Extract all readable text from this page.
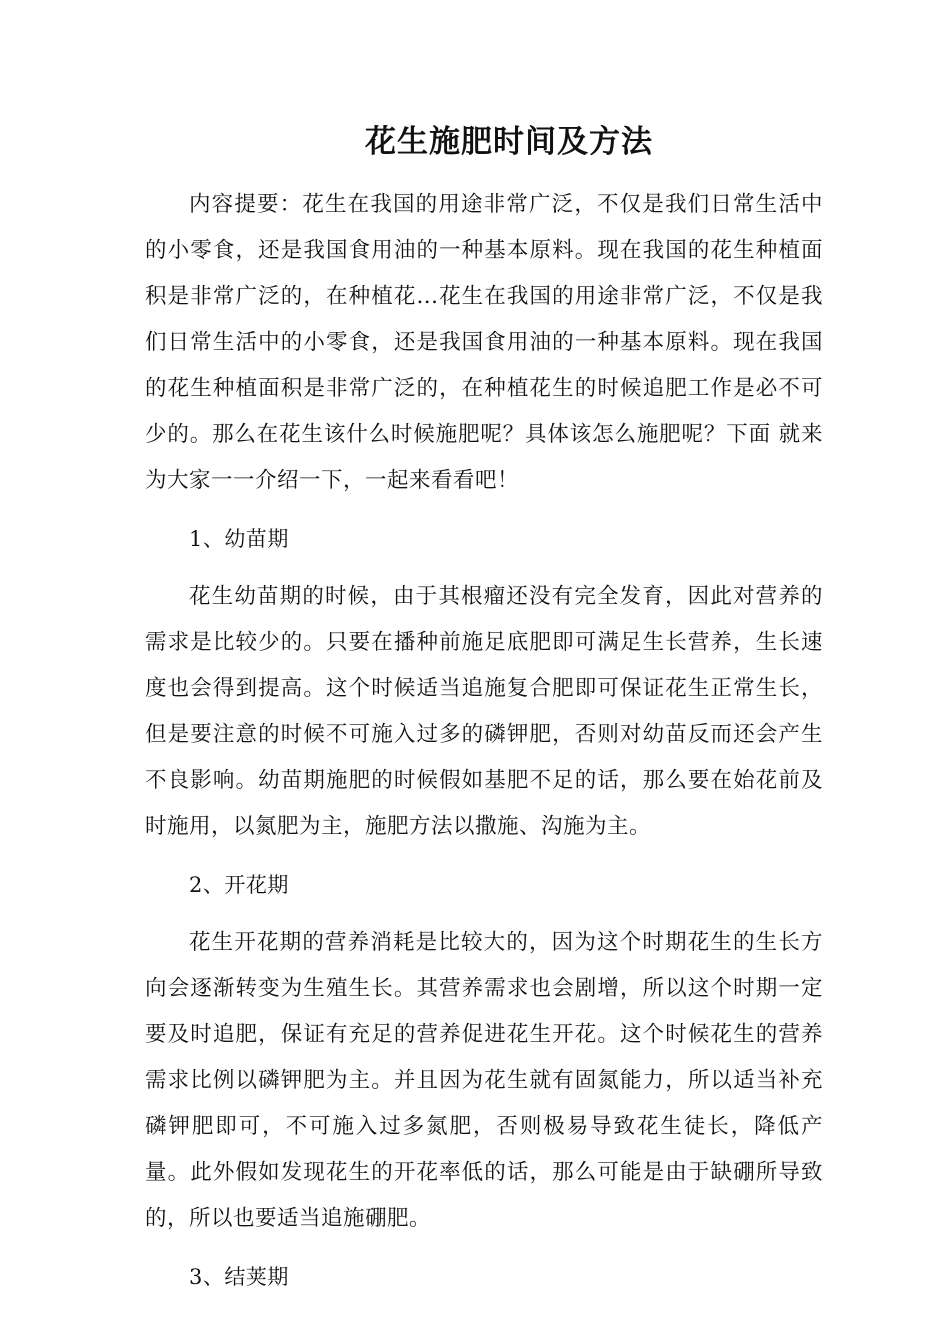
花生施肥时间及方法

内容提要：花生在我国的用途非常广泛，不仅是我们日常生活中的小零食，还是我国食用油的一种基本原料。现在我国的花生种植面积是非常广泛的，在种植花...花生在我国的用途非常广泛，不仅是我们日常生活中的小零食，还是我国食用油的一种基本原料。现在我国的花生种植面积是非常广泛的，在种植花生的时候追肥工作是必不可少的。那么在花生该什么时候施肥呢？具体该怎么施肥呢？下面 就来为大家一一介绍一下，一起来看看吧！

1、幼苗期

花生幼苗期的时候，由于其根瘤还没有完全发育，因此对营养的需求是比较少的。只要在播种前施足底肥即可满足生长营养，生长速度也会得到提高。这个时候适当追施复合肥即可保证花生正常生长，但是要注意的时候不可施入过多的磷钾肥，否则对幼苗反而还会产生不良影响。幼苗期施肥的时候假如基肥不足的话，那么要在始花前及时施用，以氮肥为主，施肥方法以撒施、沟施为主。

2、开花期

花生开花期的营养消耗是比较大的，因为这个时期花生的生长方向会逐渐转变为生殖生长。其营养需求也会剧增，所以这个时期一定要及时追肥，保证有充足的营养促进花生开花。这个时候花生的营养需求比例以磷钾肥为主。并且因为花生就有固氮能力，所以适当补充磷钾肥即可，不可施入过多氮肥，否则极易导致花生徒长，降低产量。此外假如发现花生的开花率低的话，那么可能是由于缺硼所导致的，所以也要适当追施硼肥。

3、结荚期
